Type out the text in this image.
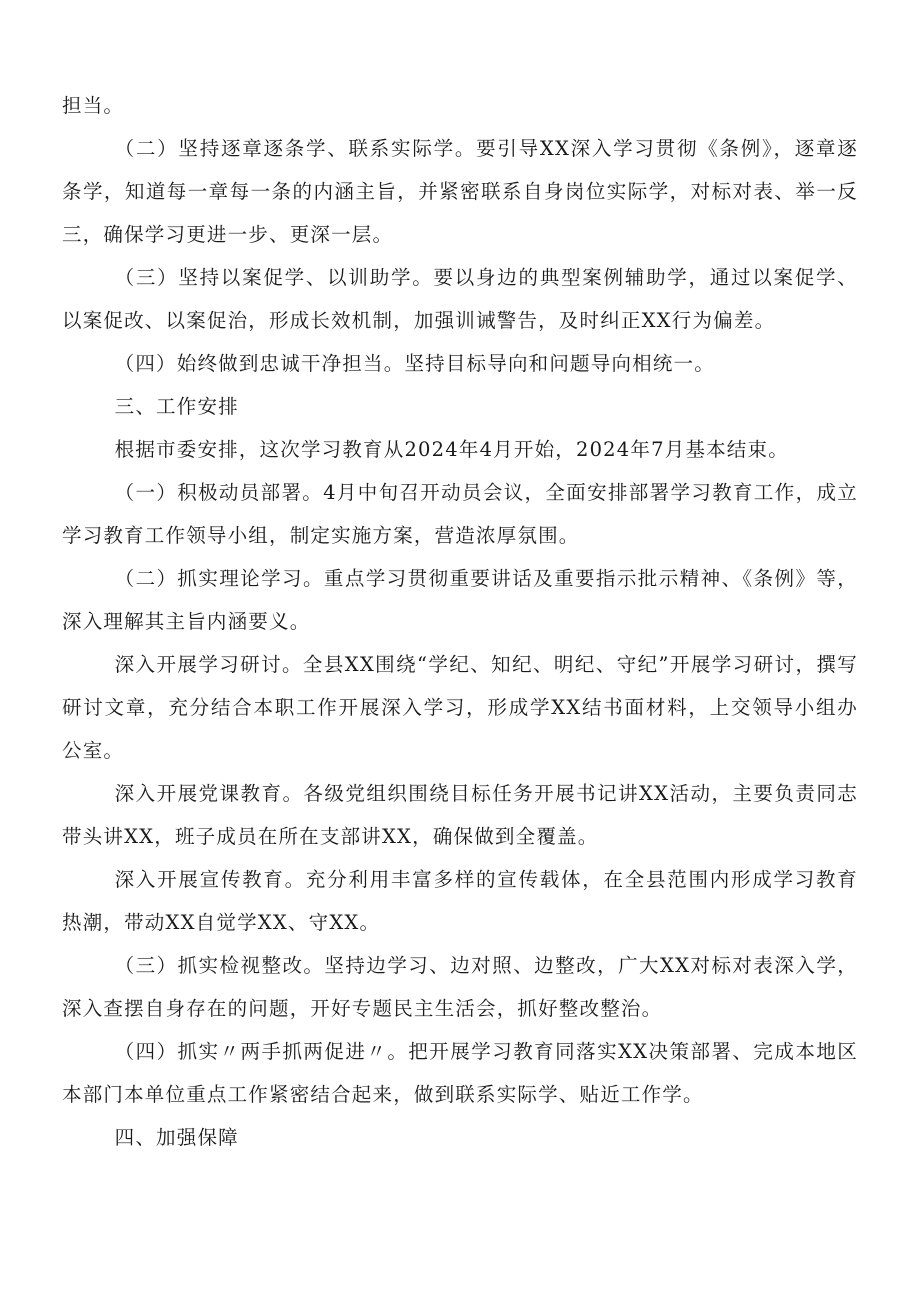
担当。

（二）坚持逐章逐条学、联系实际学。要引导XX深入学习贯彻《条例》，逐章逐条学，知道每一章每一条的内涵主旨，并紧密联系自身岗位实际学，对标对表、举一反三，确保学习更进一步、更深一层。

（三）坚持以案促学、以训助学。要以身边的典型案例辅助学，通过以案促学、以案促改、以案促治，形成长效机制，加强训诫警告，及时纠正XX行为偏差。

（四）始终做到忠诚干净担当。坚持目标导向和问题导向相统一。

三、工作安排

根据市委安排，这次学习教育从2024年4月开始，2024年7月基本结束。

（一）积极动员部署。4月中旬召开动员会议，全面安排部署学习教育工作，成立学习教育工作领导小组，制定实施方案，营造浓厚氛围。

（二）抓实理论学习。重点学习贯彻重要讲话及重要指示批示精神、《条例》等，深入理解其主旨内涵要义。

深入开展学习研讨。全县XX围绕“学纪、知纪、明纪、守纪”开展学习研讨，撰写研讨文章，充分结合本职工作开展深入学习，形成学XX结书面材料，上交领导小组办公室。

深入开展党课教育。各级党组织围绕目标任务开展书记讲XX活动，主要负责同志带头讲XX，班子成员在所在支部讲XX，确保做到全覆盖。

深入开展宣传教育。充分利用丰富多样的宣传载体，在全县范围内形成学习教育热潮，带动XX自觉学XX、守XX。

（三）抓实检视整改。坚持边学习、边对照、边整改，广大XX对标对表深入学，深入查摆自身存在的问题，开好专题民主生活会，抓好整改整治。

（四）抓实〃两手抓两促进〃。把开展学习教育同落实XX决策部署、完成本地区本部门本单位重点工作紧密结合起来，做到联系实际学、贴近工作学。

四、加强保障
